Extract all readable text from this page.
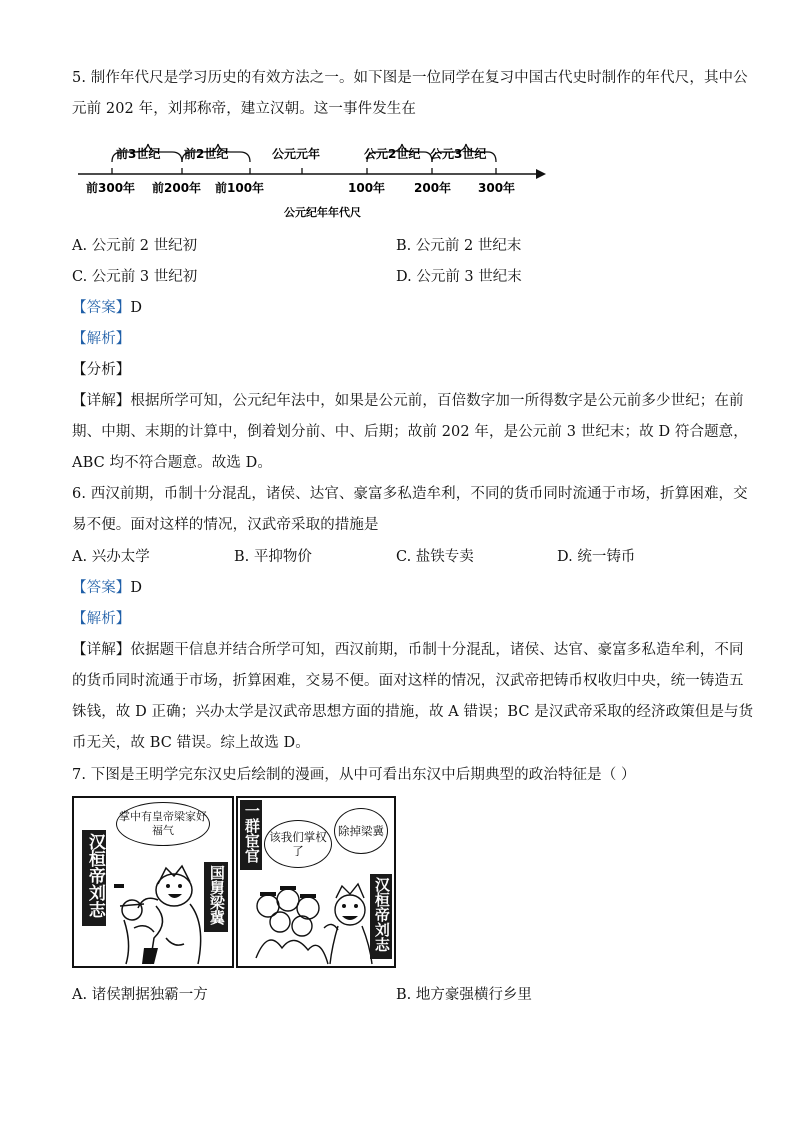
5. 制作年代尺是学习历史的有效方法之一。如下图是一位同学在复习中国古代史时制作的年代尺，其中公
元前 202 年，刘邦称帝，建立汉朝。这一事件发生在
前3世纪 前2世纪	公元元年	公元2世纪 公元3世纪
前300年 前200年 前100年	100年 200年 300年
公元纪年年代尺
A. 公元前 2 世纪初	B. 公元前 2 世纪末
C. 公元前 3 世纪初	D. 公元前 3 世纪末
【答案】D
【解析】
【分析】
【详解】根据所学可知，公元纪年法中，如果是公元前，百倍数字加一所得数字是公元前多少世纪；在前
期、中期、末期的计算中，倒着划分前、中、后期；故前 202 年，是公元前 3 世纪末；故 D 符合题意，
ABC 均不符合题意。故选 D。
6. 西汉前期，币制十分混乱，诸侯、达官、豪富多私造牟利，不同的货币同时流通于市场，折算困难，交
易不便。面对这样的情况，汉武帝采取的措施是
A. 兴办太学	B. 平抑物价	C. 盐铁专卖	D. 统一铸币
【答案】D
【解析】
【详解】依据题干信息并结合所学可知，西汉前期，币制十分混乱，诸侯、达官、豪富多私造牟利，不同
的货币同时流通于市场，折算困难，交易不便。面对这样的情况，汉武帝把铸币权收归中央，统一铸造五
铢钱，故 D 正确；兴办太学是汉武帝思想方面的措施，故 A 错误；BC 是汉武帝采取的经济政策但是与货
币无关，故 BC 错误。综上故选 D。
7. 下图是王明学完东汉史后绘制的漫画，从中可看出东汉中后期典型的政治特征是（ ）
掌中有皇帝梁家好福气
汉桓帝刘志	国舅梁冀
一群宦官 该我们掌权了
除掉梁冀
汉桓帝刘志
A. 诸侯割据独霸一方	B. 地方豪强横行乡里
